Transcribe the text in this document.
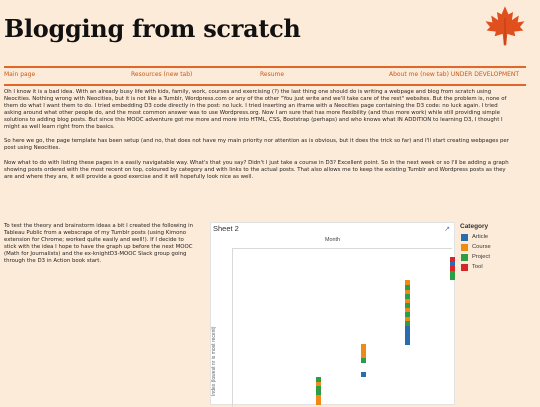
Blogging from scratch
Main page	Resources (new tab)	Resume	About me (new tab) UNDER DEVELOPMENT

Oh I know it is a bad idea. With an already busy life with kids, family, work, courses and exercising (?) the last thing one should do is writing a webpage and blog from scratch using Neocities. Nothing wrong with Neocities, but it is not like a Tumblr, Wordpress.com or any of the other "You just write and we'll take care of the rest" websites. But the problem is, none of them do what I want them to do. I tried embedding D3 code directly in the post: no luck. I tried inserting an iframe with a Neocities page containing the D3 code: no luck again. I tried asking around what other people do, and the most common answer was to use Wordpress.org. Now I am sure that has more flexibility (and thus more work) while still providing simple solutions to adding blog posts. But since this MOOC adventure got me more and more into HTML, CSS, Bootstrap (perhaps) and who knows what IN ADDITION to learning D3, I thought I might as well learn right from the basics.

So here we go, the page template has been setup (and no, that does not have my main priority nor attention as is obvious, but it does the trick so far) and I'll start creating webpages per post using Neocities.

Now what to do with listing these pages in a easily navigatable way. What's that you say? Didn't I just take a course in D3? Excellent point. So in the next week or so I'll be adding a graph showing posts ordered with the most recent on top, coloured by category and with links to the actual posts. That also allows me to keep the existing Tumblr and Wordpress posts as they are and where they are, it will provide a good exercise and it will hopefully look nice as well.

To test the theory and brainstorm ideas a bit I created the following in Tableau Public from a webscrape of my Tumblr posts (using Kimono extension for Chrome; worked quite easily and well!). If I decide to stick with the idea I hope to have the graph up before the next MOOC (Math for Journalists) and the ex-knightD3-MOOC Slack group going through the D3 in Action book start.

Sheet 2	↗
Month
Index (lowest nr is most recent)
Category
Article
Course
Project
Tool
